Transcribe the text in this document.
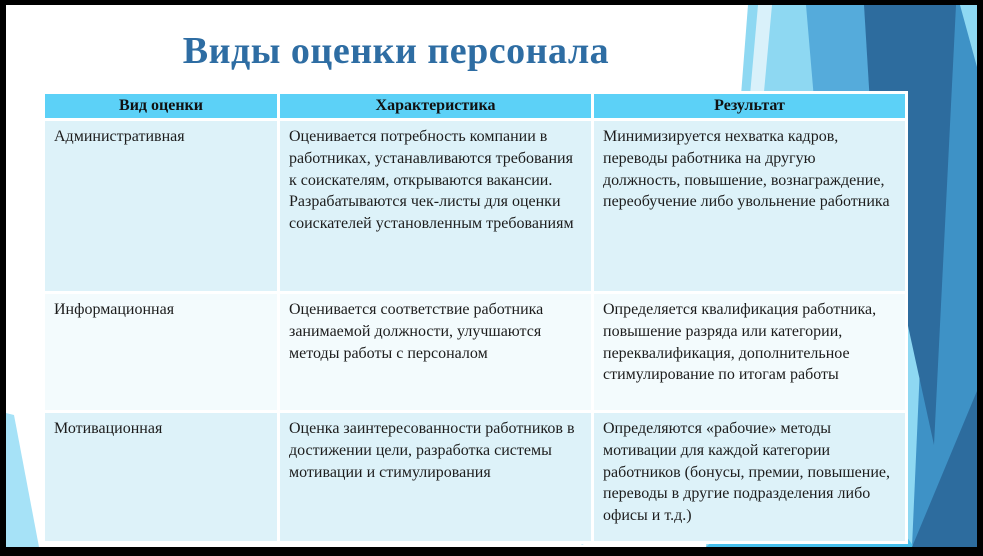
Виды оценки персонала
Вид оценки	Характеристика	Результат
Административная	Оценивается потребность компании в работниках, устанавливаются требования к соискателям, открываются вакансии. Разрабатываются чек-листы для оценки соискателей установленным требованиям	Минимизируется нехватка кадров, переводы работника на другую должность, повышение, вознаграждение, переобучение либо увольнение работника
Информационная	Оценивается соответствие работника занимаемой должности, улучшаются методы работы с персоналом	Определяется квалификация работника, повышение разряда или категории, переквалификация, дополнительное стимулирование по итогам работы
Мотивационная	Оценка заинтересованности работников в достижении цели, разработка системы мотивации и стимулирования	Определяются «рабочие» методы мотивации для каждой категории работников (бонусы, премии, повышение, переводы в другие подразделения либо офисы и т.д.)
